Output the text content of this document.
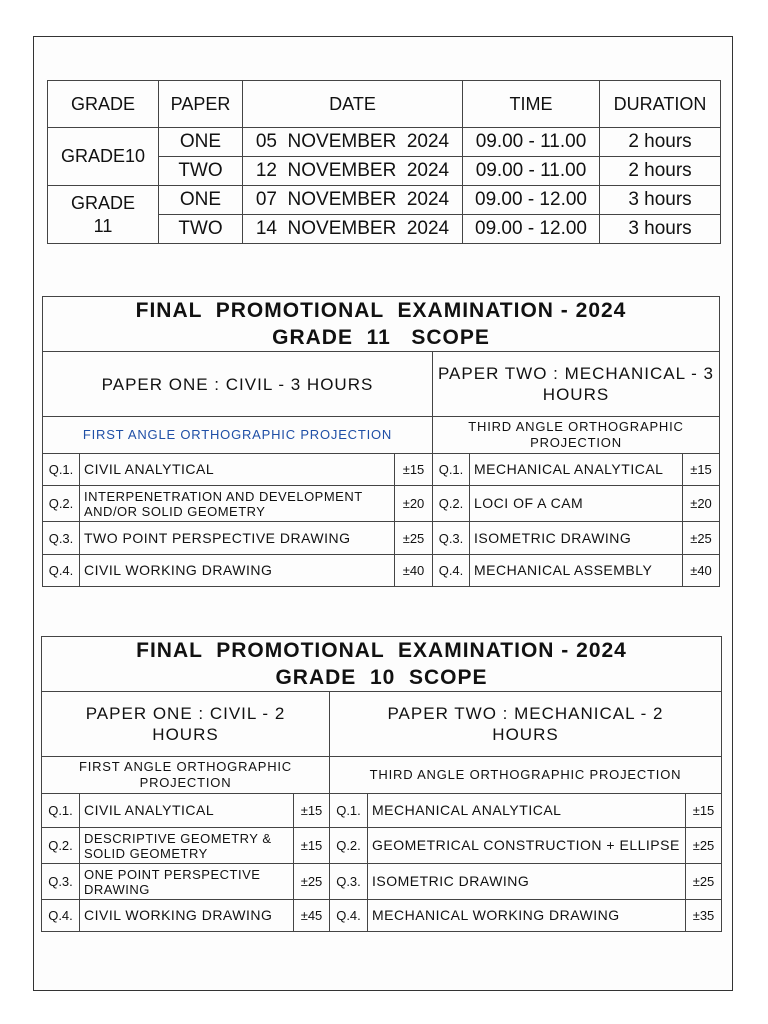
GRADE	PAPER	DATE	TIME	DURATION
GRADE10	ONE	05  NOVEMBER  2024	09.00 - 11.00	2 hours
	TWO	12  NOVEMBER  2024	09.00 - 11.00	2 hours
GRADE 11	ONE	07  NOVEMBER  2024	09.00 - 12.00	3 hours
	TWO	14  NOVEMBER  2024	09.00 - 12.00	3 hours
FINAL  PROMOTIONAL  EXAMINATION - 2024
GRADE  11   SCOPE					

PAPER ONE : CIVIL - 3 HOURS			PAPER TWO : MECHANICAL - 3 HOURS		
FIRST ANGLE ORTHOGRAPHIC PROJECTION			THIRD ANGLE ORTHOGRAPHIC PROJECTION		
Q.1.	CIVIL ANALYTICAL	±15	Q.1.	MECHANICAL ANALYTICAL	±15
Q.2.	INTERPENETRATION AND DEVELOPMENT AND/OR SOLID GEOMETRY	±20	Q.2.	LOCI OF A CAM	±20
Q.3.	TWO POINT PERSPECTIVE DRAWING	±25	Q.3.	ISOMETRIC DRAWING	±25
Q.4.	CIVIL WORKING DRAWING	±40	Q.4.	MECHANICAL ASSEMBLY	±40
FINAL  PROMOTIONAL  EXAMINATION - 2024
GRADE  10  SCOPE					

PAPER ONE : CIVIL - 2 HOURS			PAPER TWO : MECHANICAL - 2 HOURS		
FIRST ANGLE ORTHOGRAPHIC PROJECTION			THIRD ANGLE ORTHOGRAPHIC PROJECTION		
Q.1.	CIVIL ANALYTICAL	±15	Q.1.	MECHANICAL ANALYTICAL	±15
Q.2.	DESCRIPTIVE GEOMETRY & SOLID GEOMETRY	±15	Q.2.	GEOMETRICAL CONSTRUCTION + ELLIPSE	±25
Q.3.	ONE POINT PERSPECTIVE DRAWING	±25	Q.3.	ISOMETRIC DRAWING	±25
Q.4.	CIVIL WORKING DRAWING	±45	Q.4.	MECHANICAL WORKING DRAWING	±35
